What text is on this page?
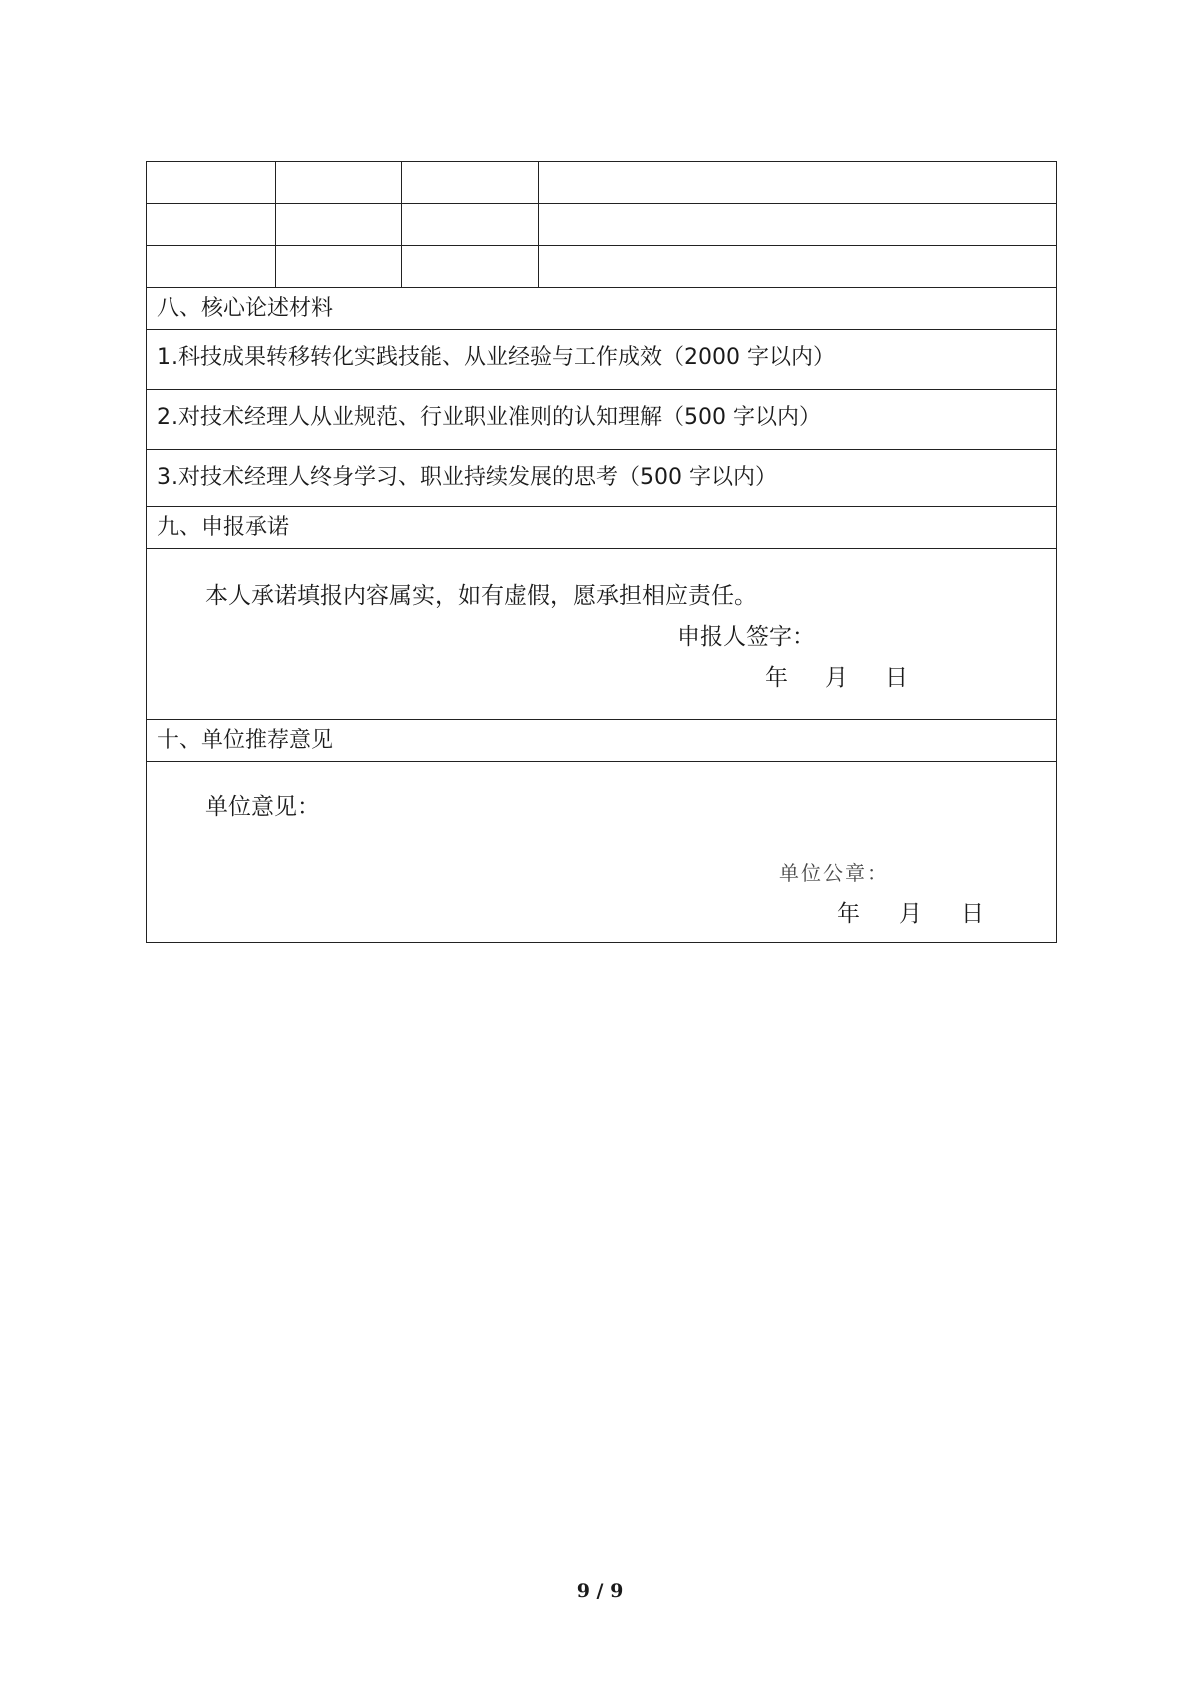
八、核心论述材料			
1.科技成果转移转化实践技能、从业经验与工作成效（2000 字以内）			
2.对技术经理人从业规范、行业职业准则的认知理解（500 字以内）			
3.对技术经理人终身学习、职业持续发展的思考（500 字以内）			
九、申报承诺			

本人承诺填报内容属实，如有虚假，愿承担相应责任。
申报人签字：
年 月 日			

十、单位推荐意见			

单位意见：
单位公章：
年 月 日			
9 / 9
